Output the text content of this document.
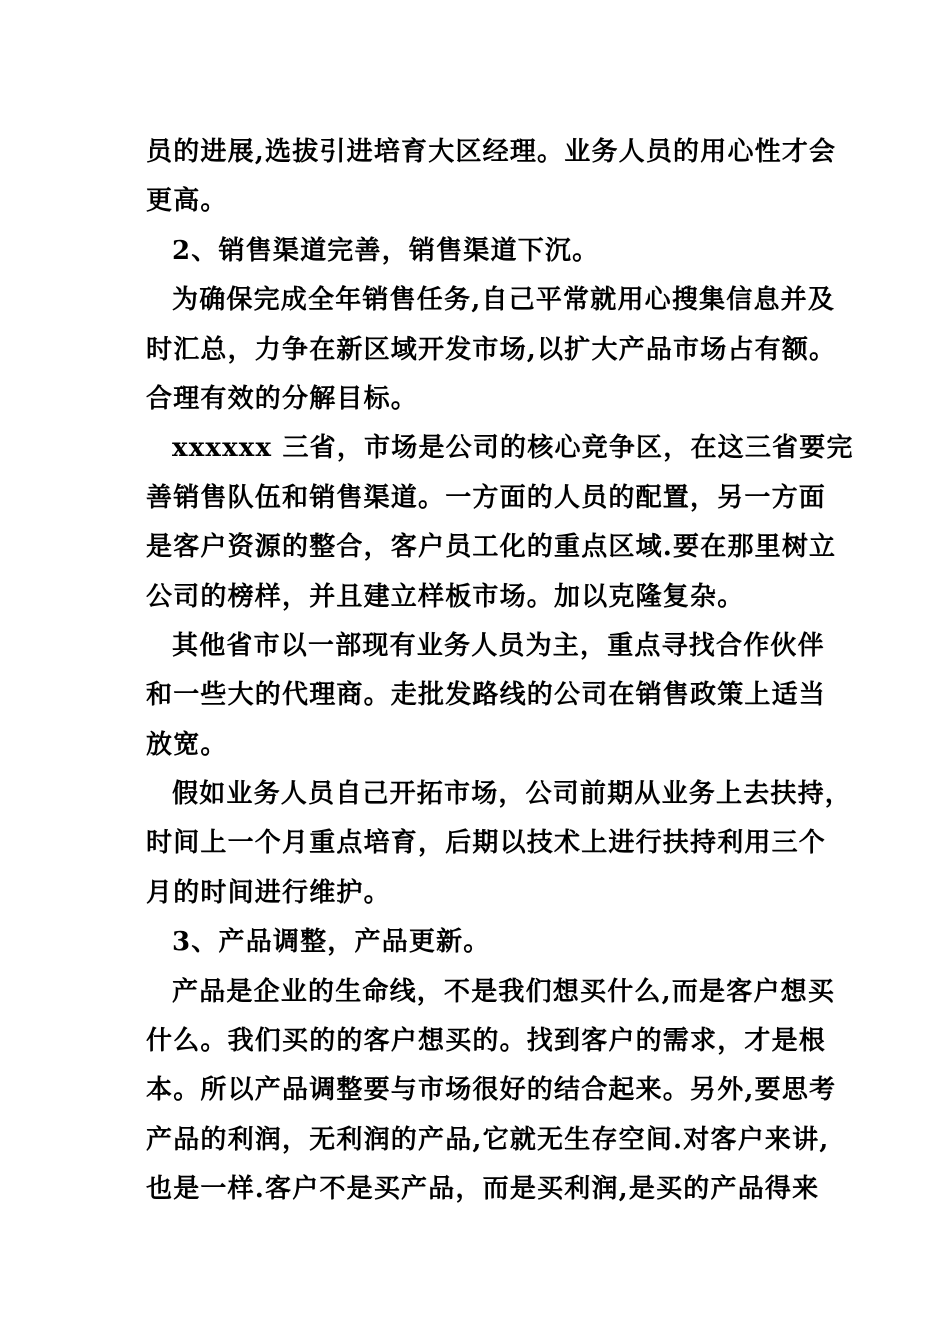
员的进展,选拔引进培育大区经理。业务人员的用心性才会
更高。
2、销售渠道完善，销售渠道下沉。
为确保完成全年销售任务,自己平常就用心搜集信息并及
时汇总，力争在新区域开发市场,以扩大产品市场占有额。
合理有效的分解目标。
xxxxxx 三省，市场是公司的核心竞争区，在这三省要完
善销售队伍和销售渠道。一方面的人员的配置，另一方面
是客户资源的整合，客户员工化的重点区域.要在那里树立
公司的榜样，并且建立样板市场。加以克隆复杂。
其他省市以一部现有业务人员为主，重点寻找合作伙伴
和一些大的代理商。走批发路线的公司在销售政策上适当
放宽。
假如业务人员自己开拓市场，公司前期从业务上去扶持，
时间上一个月重点培育，后期以技术上进行扶持利用三个
月的时间进行维护。
3、产品调整，产品更新。
产品是企业的生命线，不是我们想买什么,而是客户想买
什么。我们买的的客户想买的。找到客户的需求，才是根
本。所以产品调整要与市场很好的结合起来。另外,要思考
产品的利润，无利润的产品,它就无生存空间.对客户来讲,
也是一样.客户不是买产品，而是买利润,是买的产品得来
